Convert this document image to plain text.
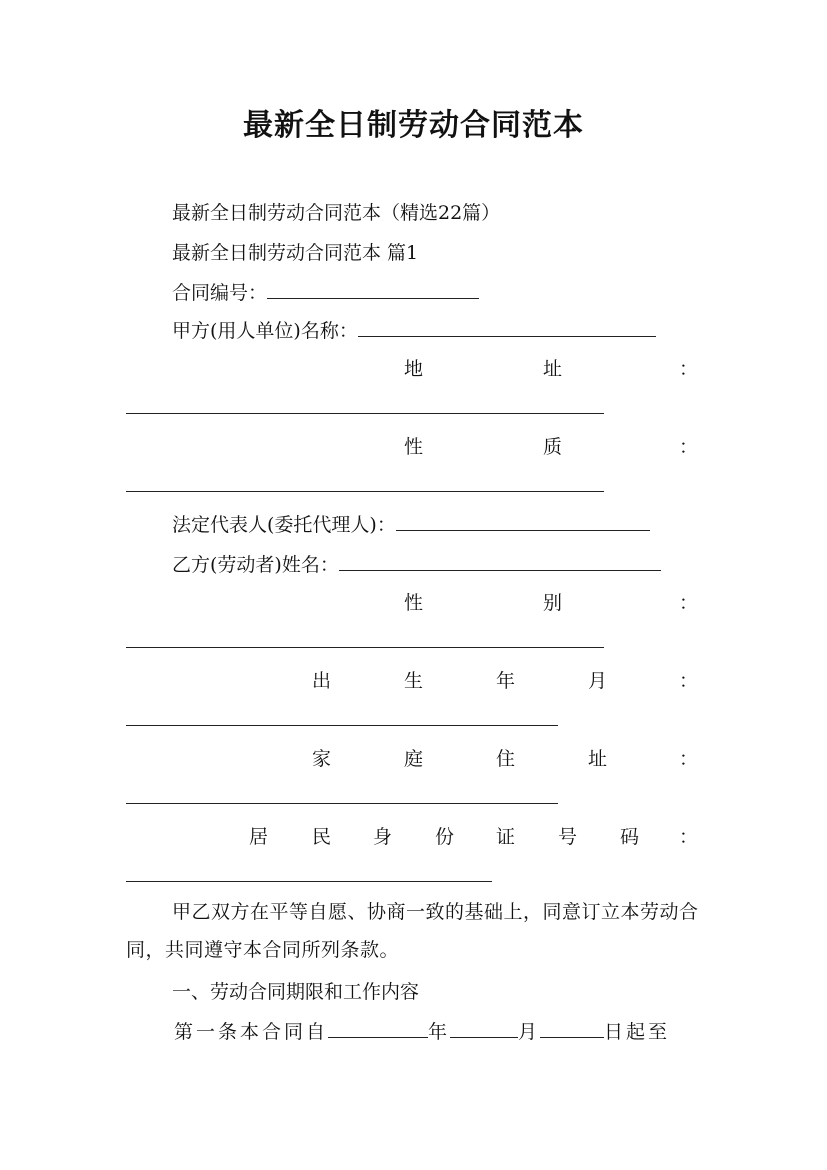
最新全日制劳动合同范本
最新全日制劳动合同范本（精选22篇）
最新全日制劳动合同范本 篇1
合同编号：
甲方(用人单位)名称：
地	址	：
性	质	：
法定代表人(委托代理人)：
乙方(劳动者)姓名：
性	别	：
出	生	年	月	：
家	庭	住	址	：
居 民 身 份 证 号 码 ：
甲乙双方在平等自愿、协商一致的基础上，同意订立本劳动合同，共同遵守本合同所列条款。
一、劳动合同期限和工作内容
第一条本合同自	年	月	日起至
